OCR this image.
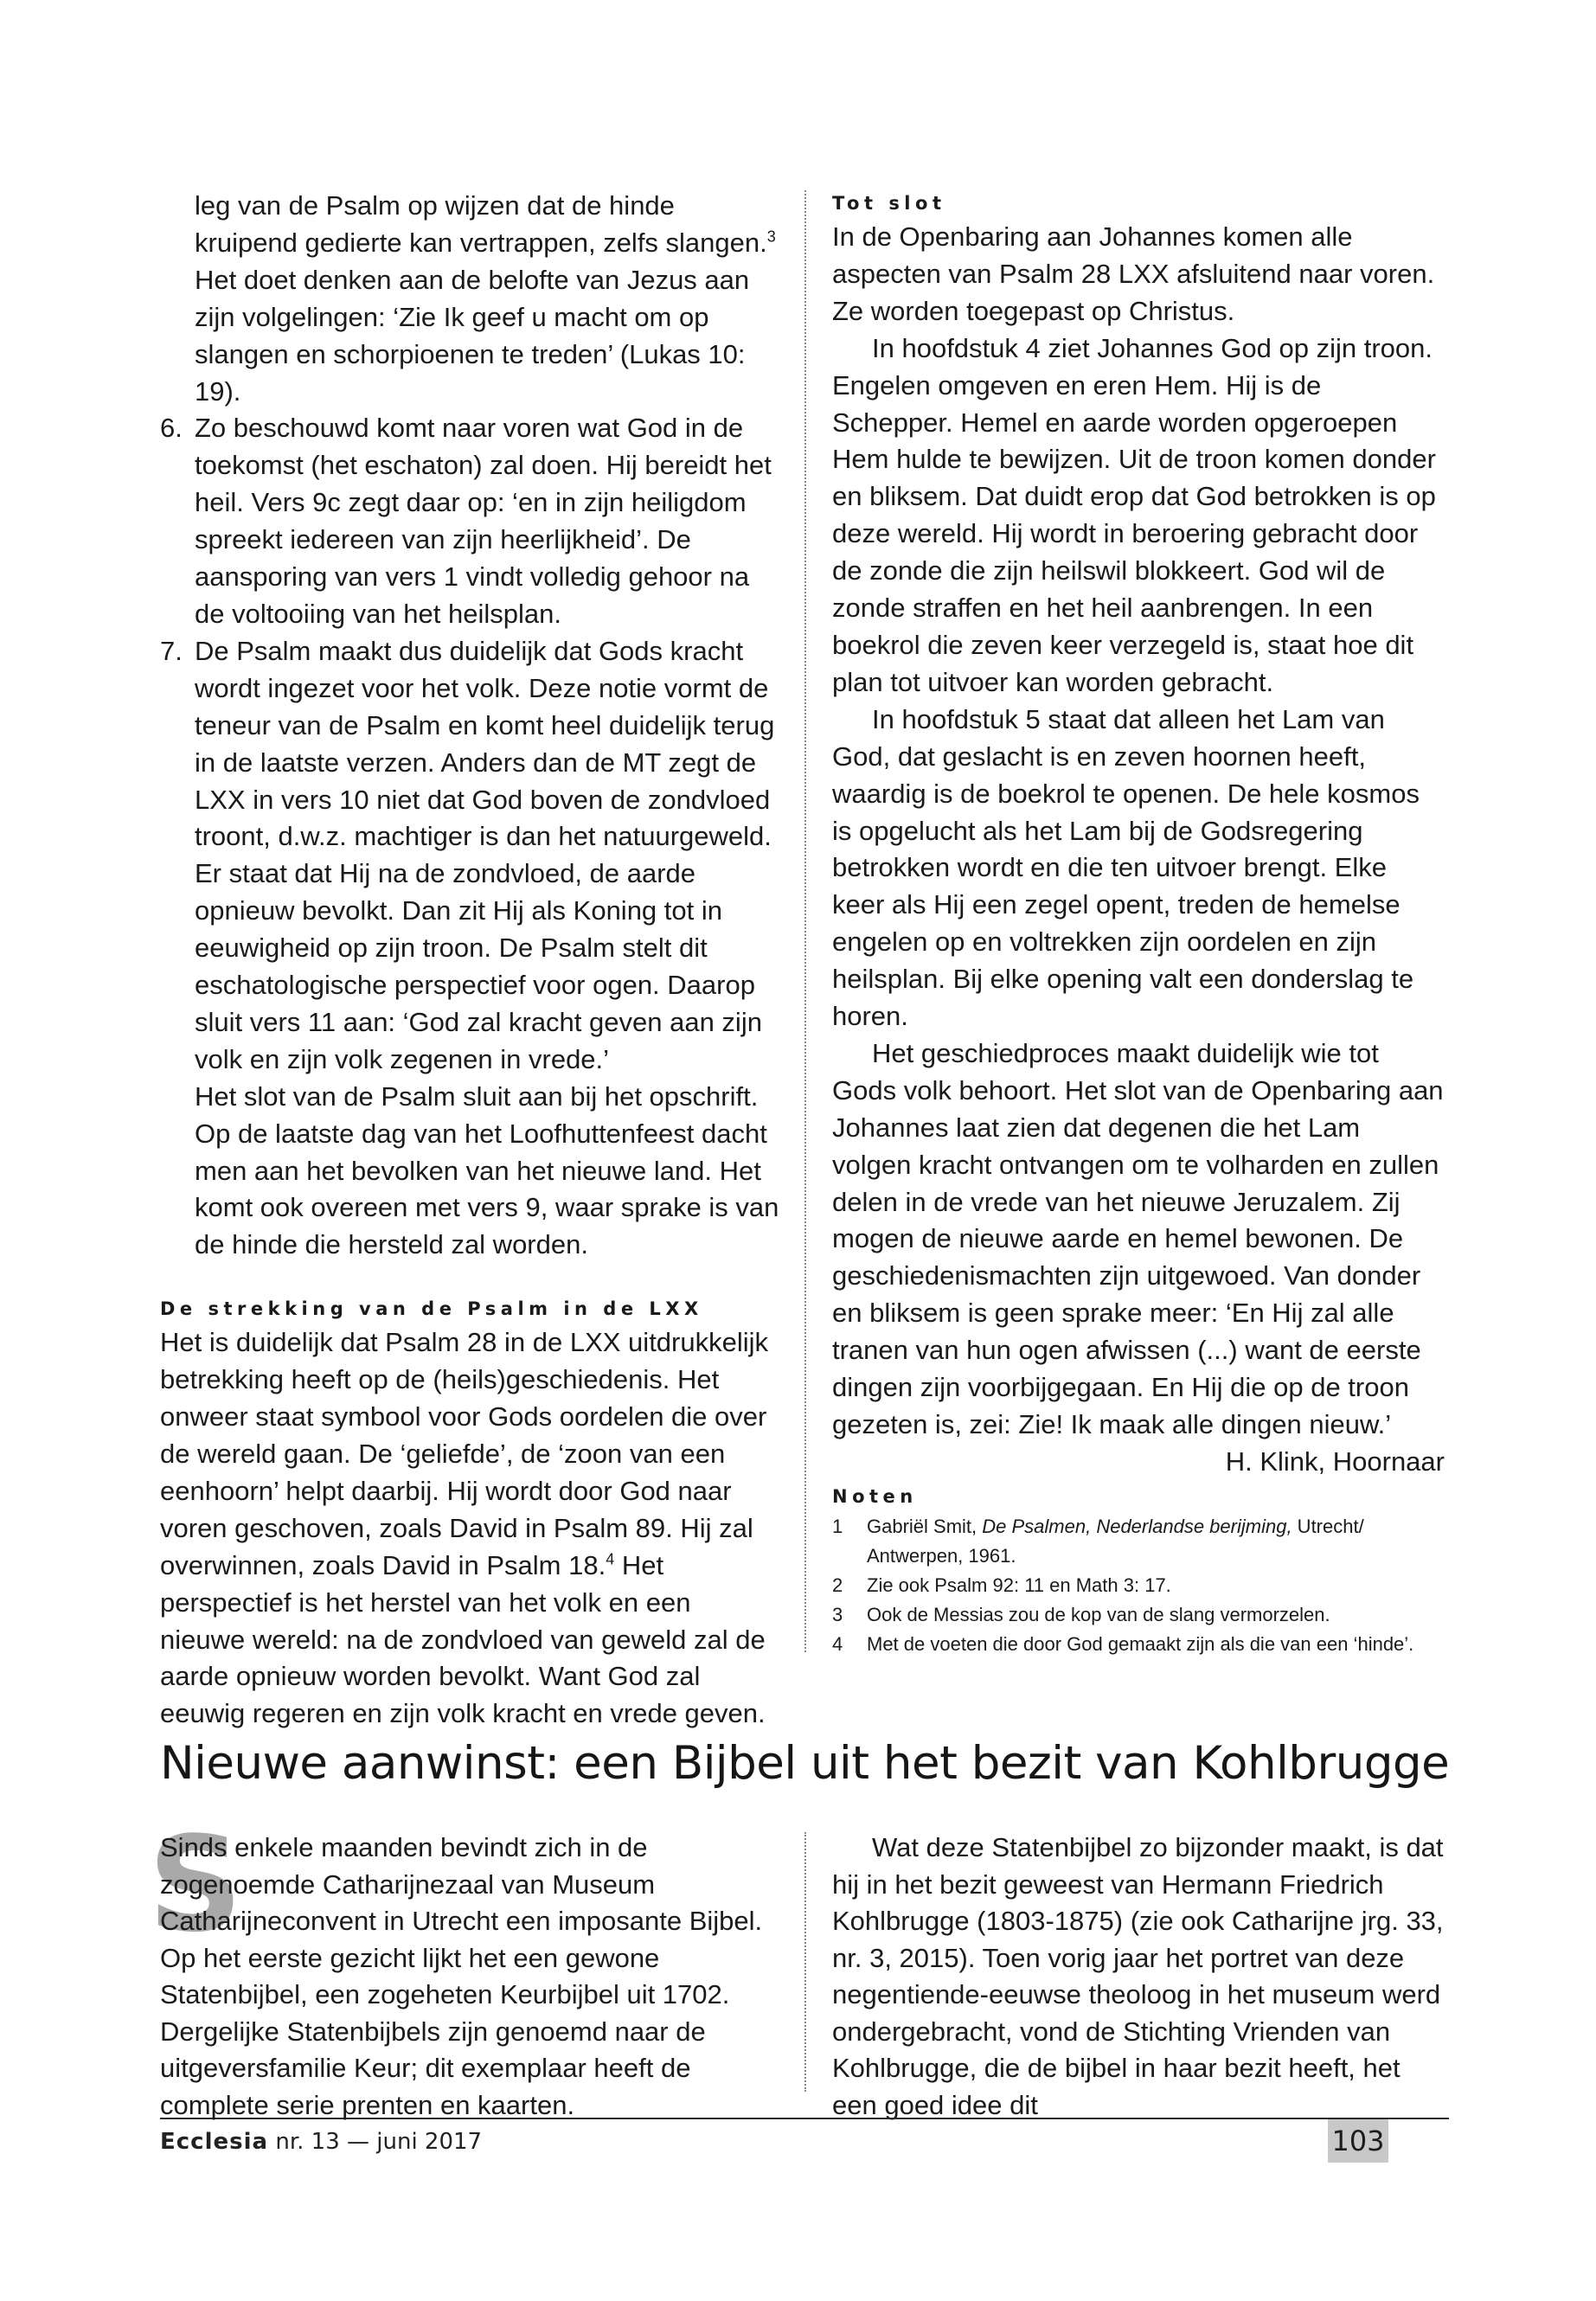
leg van de Psalm op wijzen dat de hinde kruipend gedierte kan vertrappen, zelfs slangen.$^3$ Het doet denken aan de belofte van Jezus aan zijn volgelingen: ‘Zie Ik geef u macht om op slangen en schorpioenen te treden’ (Lukas 10: 19).

6. Zo beschouwd komt naar voren wat God in de toekomst (het eschaton) zal doen. Hij bereidt het heil. Vers 9c zegt daar op: ‘en in zijn heiligdom spreekt iedereen van zijn heerlijkheid’. De aansporing van vers 1 vindt volledig gehoor na de voltooiing van het heilsplan.

7. De Psalm maakt dus duidelijk dat Gods kracht wordt ingezet voor het volk. Deze notie vormt de teneur van de Psalm en komt heel duidelijk terug in de laatste verzen. Anders dan de MT zegt de LXX in vers 10 niet dat God boven de zondvloed troont, d.w.z. machtiger is dan het natuurgeweld. Er staat dat Hij na de zondvloed, de aarde opnieuw bevolkt. Dan zit Hij als Koning tot in eeuwigheid op zijn troon. De Psalm stelt dit eschatologische perspectief voor ogen. Daarop sluit vers 11 aan: ‘God zal kracht geven aan zijn volk en zijn volk zegenen in vrede.’

Het slot van de Psalm sluit aan bij het opschrift. Op de laatste dag van het Loofhuttenfeest dacht men aan het bevolken van het nieuwe land. Het komt ook overeen met vers 9, waar sprake is van de hinde die hersteld zal worden.

De strekking van de Psalm in de LXX

Het is duidelijk dat Psalm 28 in de LXX uitdrukkelijk betrekking heeft op de (heils)geschiedenis. Het onweer staat symbool voor Gods oordelen die over de wereld gaan. De ‘geliefde’, de ‘zoon van een eenhoorn’ helpt daarbij. Hij wordt door God naar voren geschoven, zoals David in Psalm 89. Hij zal overwinnen, zoals David in Psalm 18.$^4$ Het perspectief is het herstel van het volk en een nieuwe wereld: na de zondvloed van geweld zal de aarde opnieuw worden bevolkt. Want God zal eeuwig regeren en zijn volk kracht en vrede geven.

Tot slot

In de Openbaring aan Johannes komen alle aspecten van Psalm 28 LXX afsluitend naar voren. Ze worden toegepast op Christus.

In hoofdstuk 4 ziet Johannes God op zijn troon. Engelen omgeven en eren Hem. Hij is de Schepper. Hemel en aarde worden opgeroepen Hem hulde te bewijzen. Uit de troon komen donder en bliksem. Dat duidt erop dat God betrokken is op deze wereld. Hij wordt in beroering gebracht door de zonde die zijn heilswil blokkeert. God wil de zonde straffen en het heil aanbrengen. In een boekrol die zeven keer verzegeld is, staat hoe dit plan tot uitvoer kan worden gebracht.

In hoofdstuk 5 staat dat alleen het Lam van God, dat geslacht is en zeven hoornen heeft, waardig is de boekrol te openen. De hele kosmos is opgelucht als het Lam bij de Godsregering betrokken wordt en die ten uitvoer brengt. Elke keer als Hij een zegel opent, treden de hemelse engelen op en voltrekken zijn oordelen en zijn heilsplan. Bij elke opening valt een donderslag te horen.

Het geschiedproces maakt duidelijk wie tot Gods volk behoort. Het slot van de Openbaring aan Johannes laat zien dat degenen die het Lam volgen kracht ontvangen om te volharden en zullen delen in de vrede van het nieuwe Jeruzalem. Zij mogen de nieuwe aarde en hemel bewonen. De geschiedenismachten zijn uitgewoed. Van donder en bliksem is geen sprake meer: ‘En Hij zal alle tranen van hun ogen afwissen (...) want de eerste dingen zijn voorbijgegaan. En Hij die op de troon gezeten is, zei: Zie! Ik maak alle dingen nieuw.’

H. Klink, Hoornaar

Noten
1 Gabriël Smit, De Psalmen, Nederlandse berijming, Utrecht/ Antwerpen, 1961.
2 Zie ook Psalm 92: 11 en Math 3: 17.
3 Ook de Messias zou de kop van de slang vermorzelen.
4 Met de voeten die door God gemaakt zijn als die van een ‘hinde’.
Nieuwe aanwinst: een Bijbel uit het bezit van Kohlbrugge
S

Sinds enkele maanden bevindt zich in de zogenoemde Catharijnezaal van Museum Catharijneconvent in Utrecht een imposante Bijbel. Op het eerste gezicht lijkt het een gewone Statenbijbel, een zogeheten Keurbijbel uit 1702. Dergelijke Statenbijbels zijn genoemd naar de uitgeversfamilie Keur; dit exemplaar heeft de complete serie prenten en kaarten.

Wat deze Statenbijbel zo bijzonder maakt, is dat hij in het bezit geweest van Hermann Friedrich Kohlbrugge (1803-1875) (zie ook Catharijne jrg. 33, nr. 3, 2015). Toen vorig jaar het portret van deze negentiende-eeuwse theoloog in het museum werd ondergebracht, vond de Stichting Vrienden van Kohlbrugge, die de bijbel in haar bezit heeft, het een goed idee dit

Ecclesia nr. 13 — juni 2017	103
